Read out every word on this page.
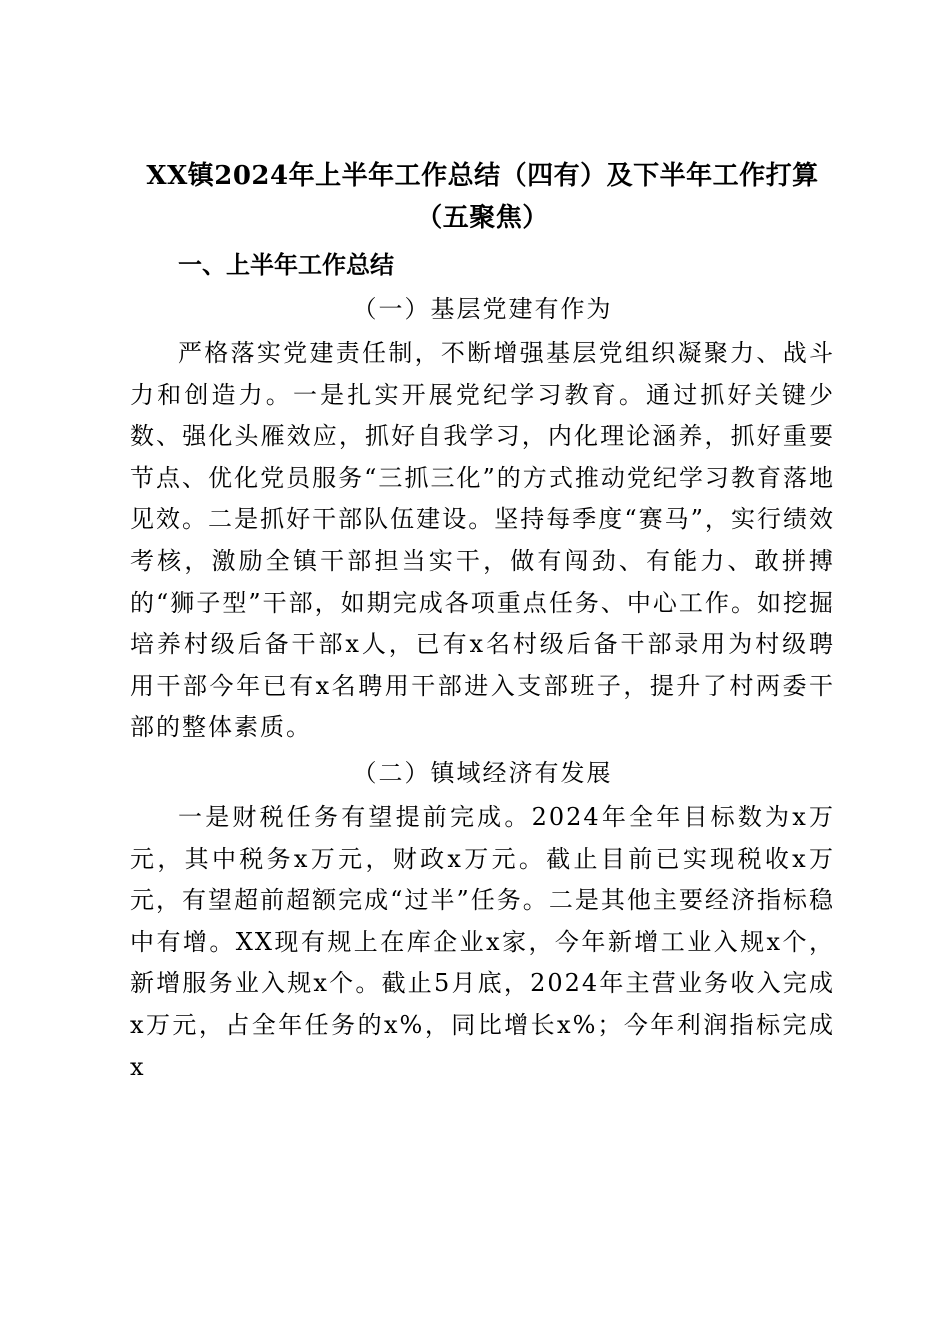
XX镇2024年上半年工作总结（四有）及下半年工作打算（五聚焦）
一、上半年工作总结
（一）基层党建有作为

严格落实党建责任制，不断增强基层党组织凝聚力、战斗力和创造力。一是扎实开展党纪学习教育。通过抓好关键少数、强化头雁效应，抓好自我学习，内化理论涵养，抓好重要节点、优化党员服务“三抓三化”的方式推动党纪学习教育落地见效。二是抓好干部队伍建设。坚持每季度“赛马”，实行绩效考核，激励全镇干部担当实干，做有闯劲、有能力、敢拼搏的“狮子型”干部，如期完成各项重点任务、中心工作。如挖掘培养村级后备干部x人，已有x名村级后备干部录用为村级聘用干部今年已有x名聘用干部进入支部班子，提升了村两委干部的整体素质。

（二）镇域经济有发展

一是财税任务有望提前完成。2024年全年目标数为x万元，其中税务x万元，财政x万元。截止目前已实现税收x万元，有望超前超额完成“过半”任务。二是其他主要经济指标稳中有增。XX现有规上在库企业x家，今年新增工业入规x个，新增服务业入规x个。截止5月底，2024年主营业务收入完成x万元，占全年任务的x%，同比增长x%；今年利润指标完成x
